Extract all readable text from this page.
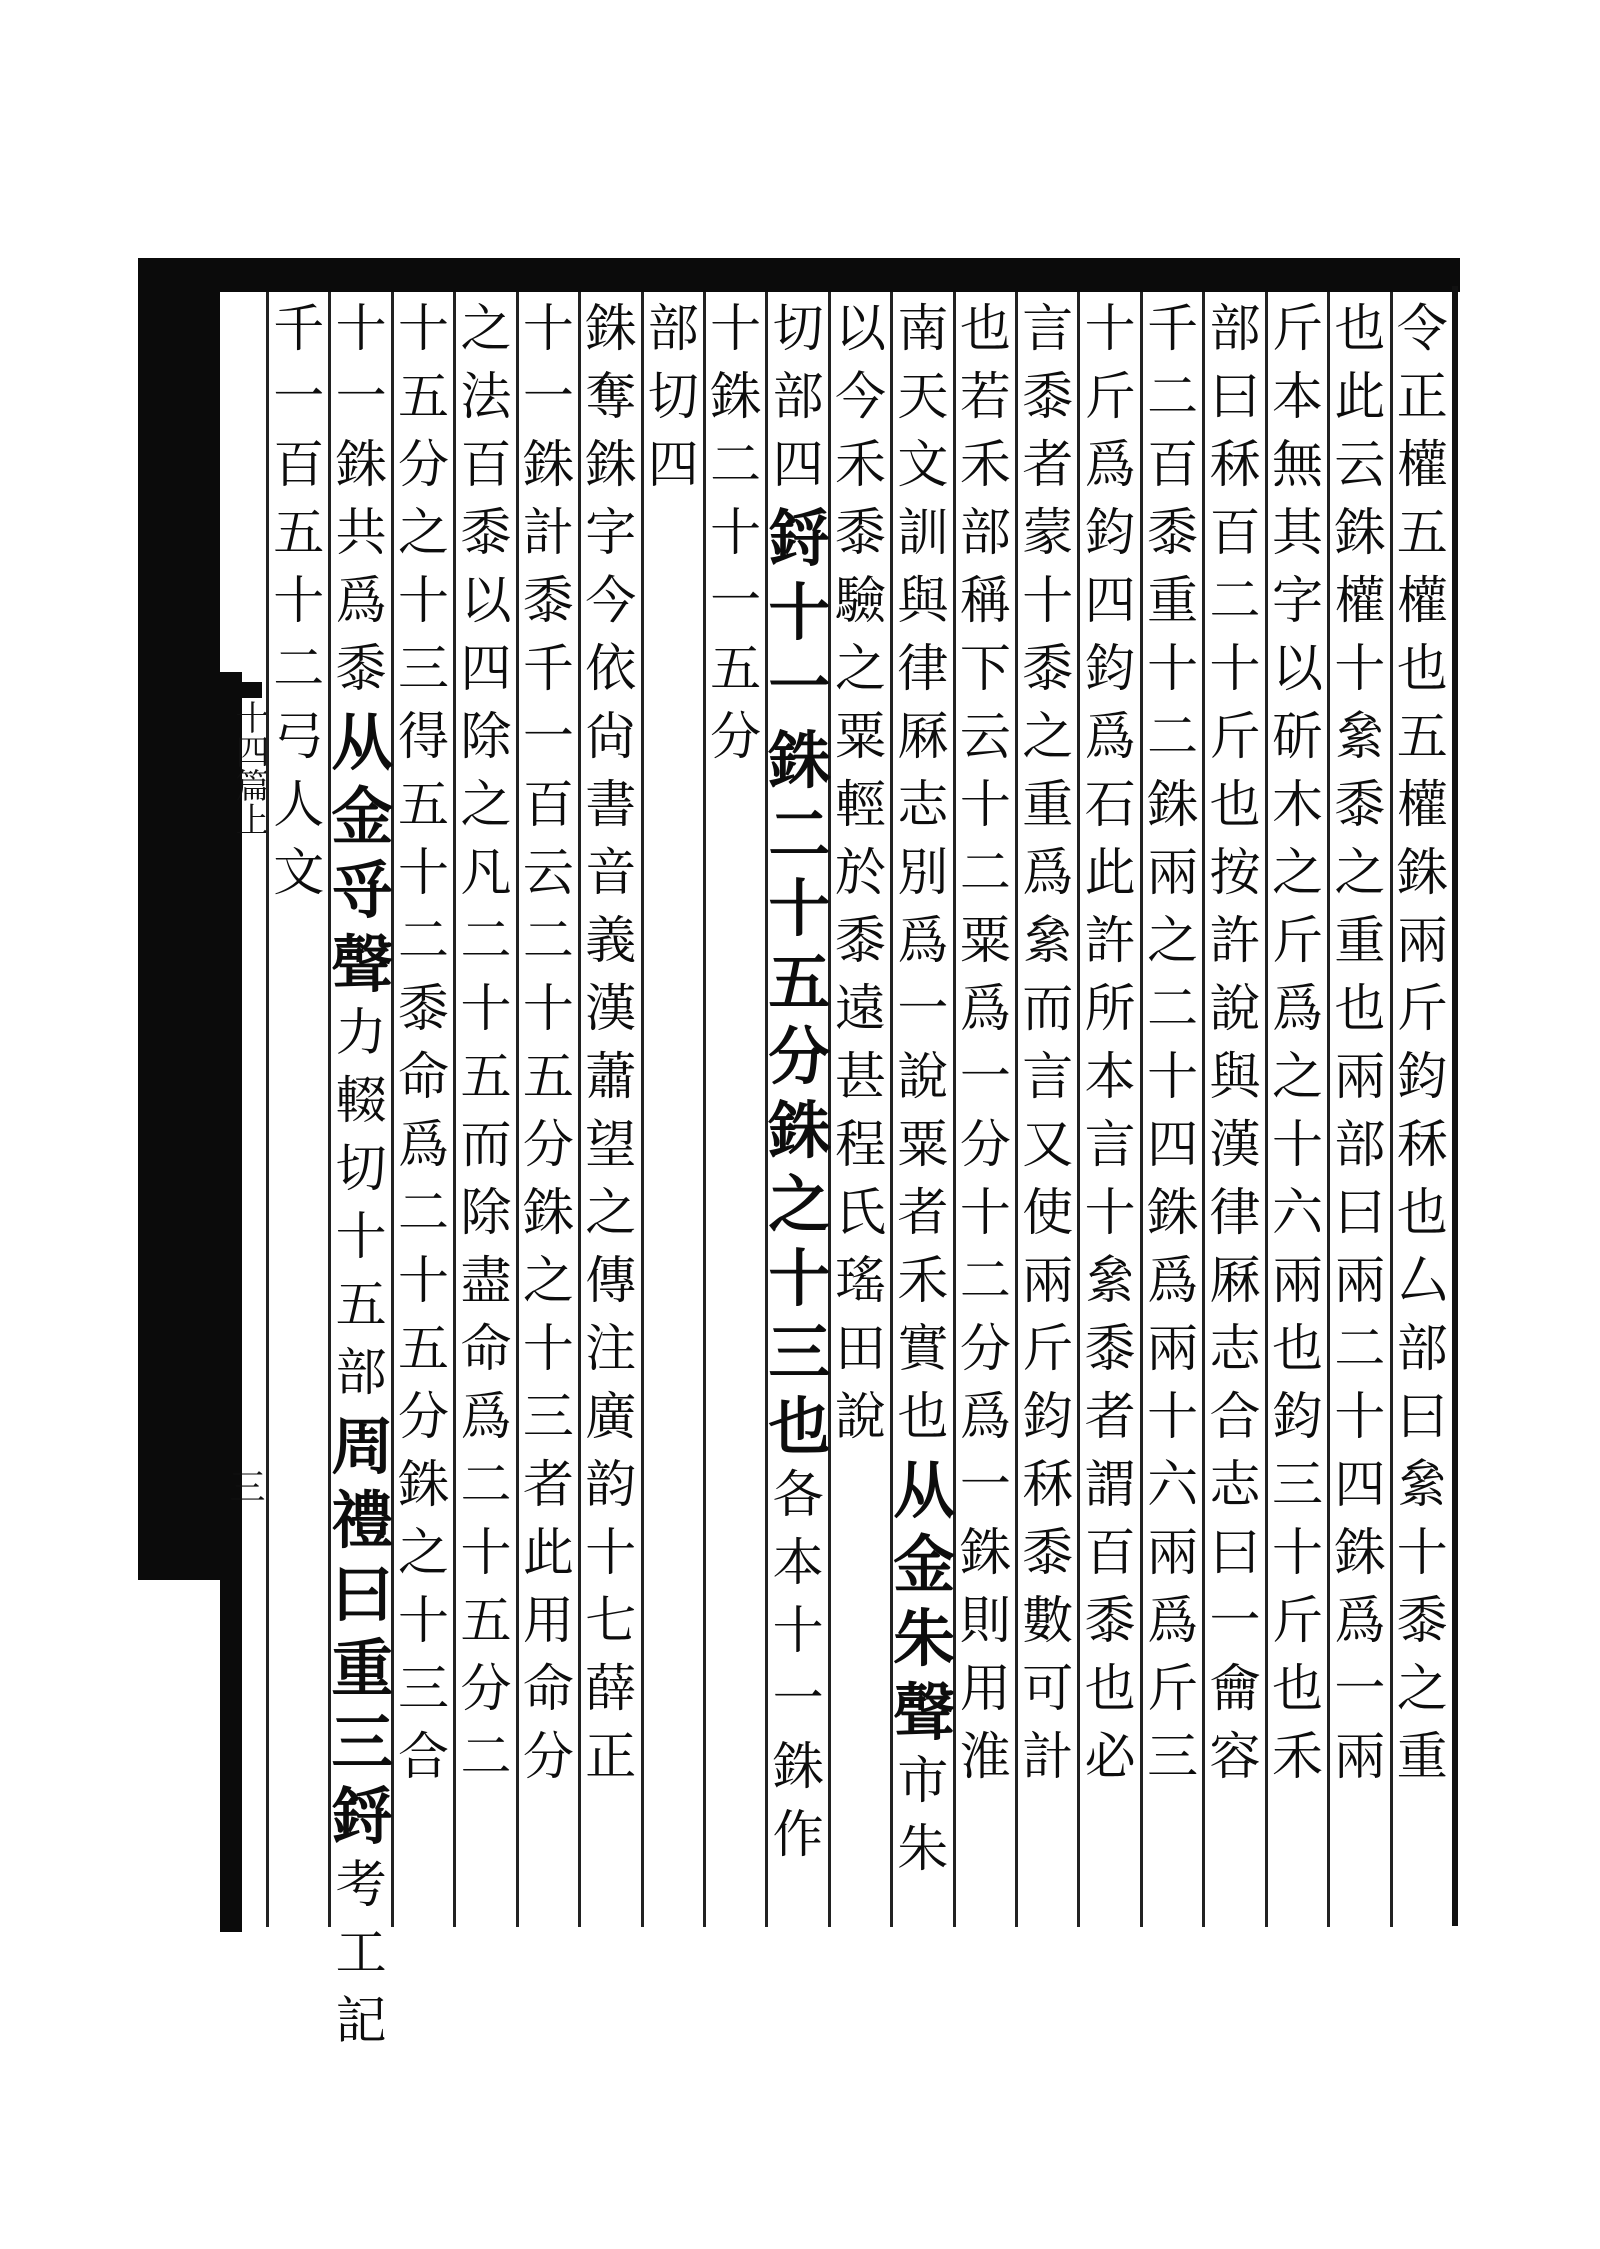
十四篇上
三
令
正
權
五
權
也
五
權
銖
兩
斤
鈞
秝
也
厶
部
曰
絫
十
黍
之
重
也
此
云
銖
權
十
絫
黍
之
重
也
兩
部
曰
兩
二
十
四
銖
爲
一
兩
斤
本
無
其
字
以
斫
木
之
斤
爲
之
十
六
兩
也
鈞
三
十
斤
也
禾
部
曰
秝
百
二
十
斤
也
按
許
說
與
漢
律
厤
志
合
志
曰
一
龠
容
千
二
百
黍
重
十
二
銖
兩
之
二
十
四
銖
爲
兩
十
六
兩
爲
斤
三
十
斤
爲
鈞
四
鈞
爲
石
此
許
所
本
言
十
絫
黍
者
謂
百
黍
也
必
言
黍
者
蒙
十
黍
之
重
爲
絫
而
言
又
使
兩
斤
鈞
秝
黍
數
可
計
也
若
禾
部
稱
下
云
十
二
粟
爲
一
分
十
二
分
爲
一
銖
則
用
淮
南
天
文
訓
與
律
厤
志
別
爲
一
說
粟
者
禾
實
也
从
金
朱
聲
市
朱
以
今
禾
黍
驗
之
粟
輕
於
黍
遠
甚
程
氏
瑤
田
說
切
部
四
鋝
十
一
銖
二
十
五
分
銖
之
十
三
也
各
本
十
一
銖
作
十
銖
二
十
一
五
分
部
切
四
銖
奪
銖
字
今
依
尙
書
音
義
漢
蕭
望
之
傳
注
廣
韵
十
七
薛
正
十
一
銖
計
黍
千
一
百
云
二
十
五
分
銖
之
十
三
者
此
用
命
分
之
法
百
黍
以
四
除
之
凡
二
十
五
而
除
盡
命
爲
二
十
五
分
二
十
五
分
之
十
三
得
五
十
二
黍
命
爲
二
十
五
分
銖
之
十
三
合
十
一
銖
共
爲
黍
从
金
寽
聲
力
輟
切
十
五
部
周
禮
曰
重
三
鋝
考
工
記
千
一
百
五
十
二
弓
人
文
